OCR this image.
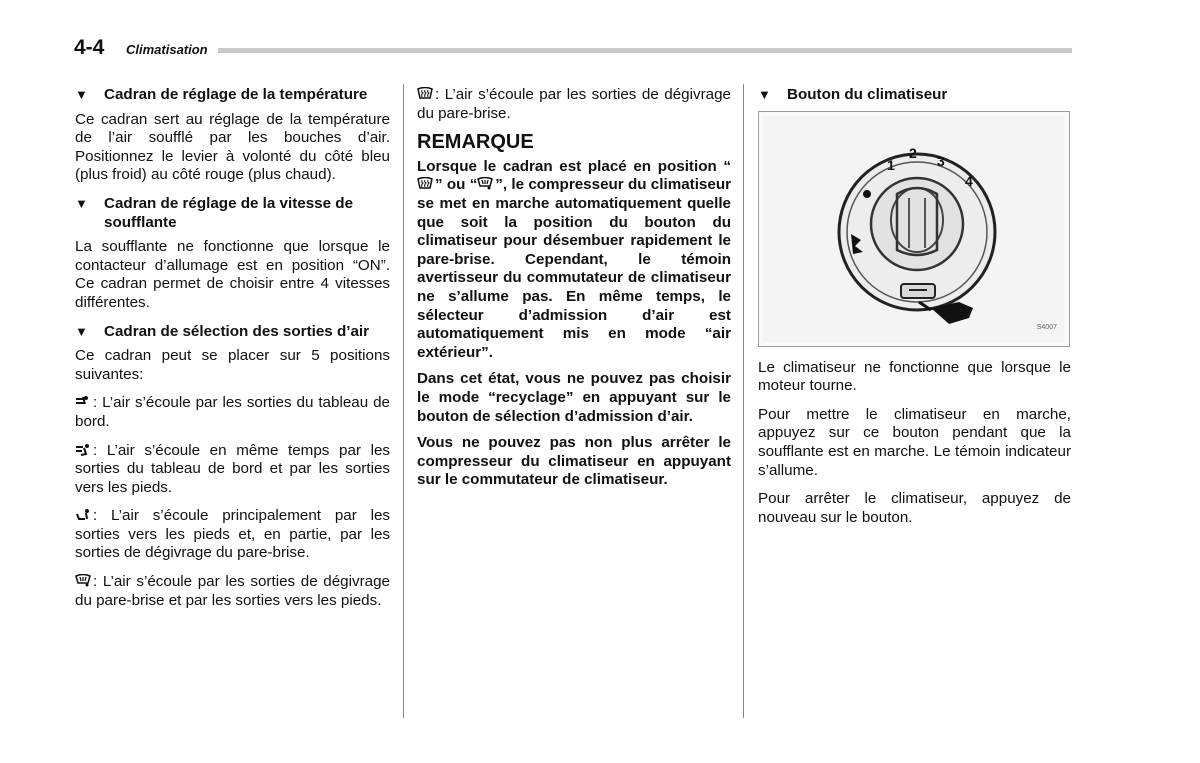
4-4 Climatisation
▼	Cadran de réglage de la température

Ce cadran sert au réglage de la température de l’air soufflé par les bouches d’air. Positionnez le levier à volonté du côté bleu (plus froid) au côté rouge (plus chaud).

▼	Cadran de réglage de la vitesse de soufflante

La soufflante ne fonctionne que lorsque le contacteur d’allumage est en position “ON”. Ce cadran permet de choisir entre 4 vitesses différentes.

▼	Cadran de sélection des sorties d’air

Ce cadran peut se placer sur 5 positions suivantes:

: L’air s’écoule par les sorties du tableau de bord.

: L’air s’écoule en même temps par les sorties du tableau de bord et par les sorties vers les pieds.

: L’air s’écoule principalement par les sorties vers les pieds et, en partie, par les sorties de dégivrage du pare-brise.

: L’air s’écoule par les sorties de dégivrage du pare-brise et par les sorties vers les pieds.

: L’air s’écoule par les sorties de dégivrage du pare-brise.

REMARQUE

Lorsque le cadran est placé en position “” ou “ ”, le compresseur du climatiseur se met en marche automatiquement quelle que soit la position du bouton du climatiseur pour désembuer rapidement le pare-brise. Cependant, le témoin avertisseur du commutateur de climatiseur ne s’allume pas. En même temps, le sélecteur d’admission d’air est automatiquement mis en mode “air extérieur”.

Dans cet état, vous ne pouvez pas choisir le mode “recyclage” en appuyant sur le bouton de sélection d’admission d’air.

Vous ne pouvez pas non plus arrêter le compresseur du climatiseur en appuyant sur le commutateur de climatiseur.

▼	Bouton du climatiseur
1
2 3
4
S4007

Le climatiseur ne fonctionne que lorsque le moteur tourne.

Pour mettre le climatiseur en marche, appuyez sur ce bouton pendant que la soufflante est en marche. Le témoin indicateur s’allume.

Pour arrêter le climatiseur, appuyez de nouveau sur le bouton.
